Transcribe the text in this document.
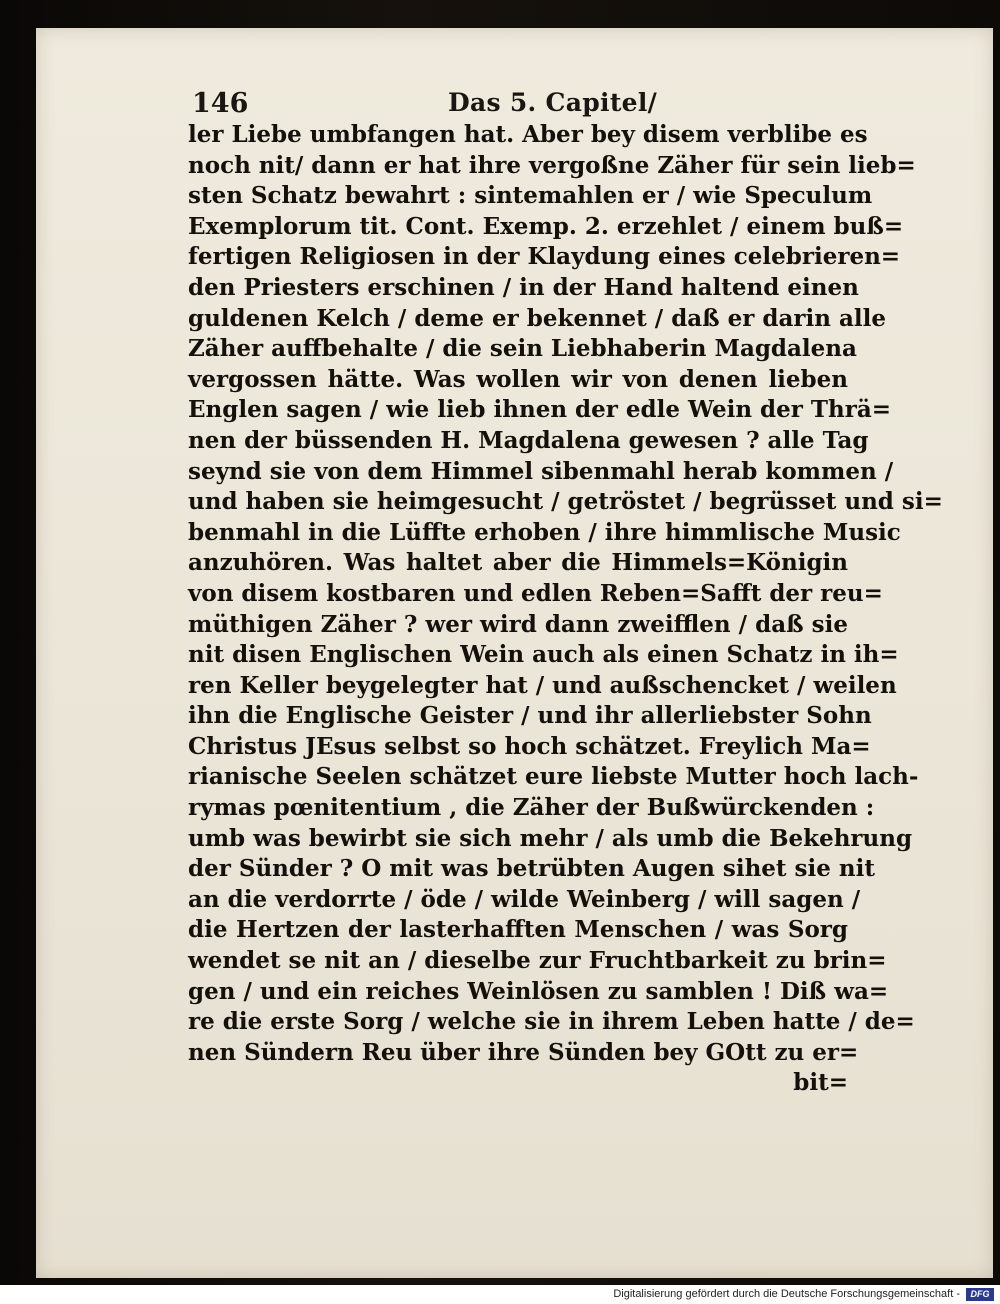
146	Das 5. Capitel/
ler Liebe umbfangen hat. Aber bey disem verblibe es
noch nit/ dann er hat ihre vergoßne Zäher für sein lieb=
sten Schatz bewahrt : sintemahlen er / wie Speculum
Exemplorum tit. Cont. Exemp. 2. erzehlet / einem buß=
fertigen Religiosen in der Klaydung eines celebrieren=
den Priesters erschinen / in der Hand haltend einen
guldenen Kelch / deme er bekennet / daß er darin alle
Zäher auffbehalte / die sein Liebhaberin Magdalena
vergossen hätte. Was wollen wir von denen lieben
Englen sagen / wie lieb ihnen der edle Wein der Thrä=
nen der büssenden H. Magdalena gewesen ? alle Tag
seynd sie von dem Himmel sibenmahl herab kommen /
und haben sie heimgesucht / getröstet / begrüsset und si=
benmahl in die Lüffte erhoben / ihre himmlische Music
anzuhören. Was haltet aber die Himmels=Königin
von disem kostbaren und edlen Reben=Safft der reu=
müthigen Zäher ? wer wird dann zweifflen / daß sie
nit disen Englischen Wein auch als einen Schatz in ih=
ren Keller beygelegter hat / und außschencket / weilen
ihn die Englische Geister / und ihr allerliebster Sohn
Christus JEsus selbst so hoch schätzet. Freylich Ma=
rianische Seelen schätzet eure liebste Mutter hoch lach-
rymas pœnitentium , die Zäher der Bußwürckenden :
umb was bewirbt sie sich mehr / als umb die Bekehrung
der Sünder ? O mit was betrübten Augen sihet sie nit
an die verdorrte / öde / wilde Weinberg / will sagen /
die Hertzen der lasterhafften Menschen / was Sorg
wendet se nit an / dieselbe zur Fruchtbarkeit zu brin=
gen / und ein reiches Weinlösen zu samblen ! Diß wa=
re die erste Sorg / welche sie in ihrem Leben hatte / de=
nen Sündern Reu über ihre Sünden bey GOtt zu er=
bit=
Digitalisierung gefördert durch die Deutsche Forschungsgemeinschaft -	DFG
